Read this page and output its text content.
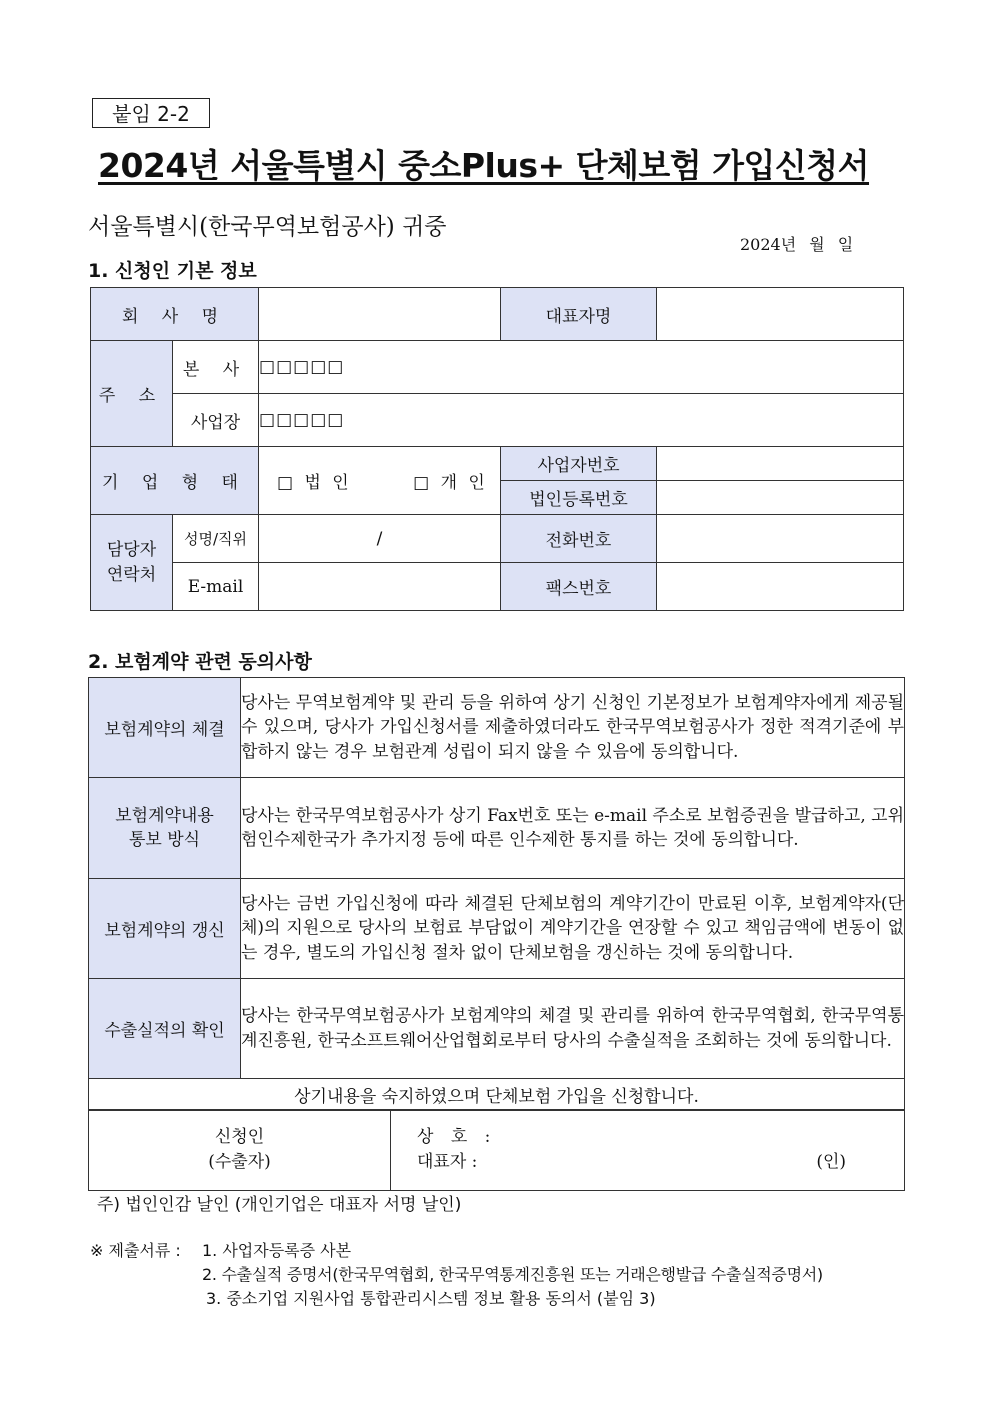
붙임 2-2
2024년 서울특별시 중소Plus+ 단체보험 가입신청서
서울특별시(한국무역보험공사) 귀중
2024년 월 일
1. 신청인 기본 정보
회 사 명			대표자명	
주 소	본 사	□□□□□		
	사업장	□□□□□		
기 업 형 태		□ 법 인 □ 개 인	사업자번호	
			법인등록번호	

담당자
연락처	성명/직위	/	전화번호	
	E-mail		팩스번호	
2. 보험계약 관련 동의사항
보험계약의 체결	당사는 무역보험계약 및 관리 등을 위하여 상기 신청인 기본정보가 보험계약자에게 제공될 수 있으며, 당사가 가입신청서를 제출하였더라도 한국무역보험공사가 정한 적격기준에 부합하지 않는 경우 보험관계 성립이 되지 않을 수 있음에 동의합니다.

보험계약내용
통보 방식	당사는 한국무역보험공사가 상기 Fax번호 또는 e-mail 주소로 보험증권을 발급하고, 고위험인수제한국가 추가지정 등에 따른 인수제한 통지를 하는 것에 동의합니다.
보험계약의 갱신	당사는 금번 가입신청에 따라 체결된 단체보험의 계약기간이 만료된 이후, 보험계약자(단체)의 지원으로 당사의 보험료 부담없이 계약기간을 연장할 수 있고 책임금액에 변동이 없는 경우, 별도의 가입신청 절차 없이 단체보험을 갱신하는 것에 동의합니다.
수출실적의 확인	당사는 한국무역보험공사가 보험계약의 체결 및 관리를 위하여 한국무역협회, 한국무역통계진흥원, 한국소프트웨어산업협회로부터 당사의 수출실적을 조회하는 것에 동의합니다.
상기내용을 숙지하였으며 단체보험 가입을 신청합니다.	
신청인
(수출자)

상 호 :
대표자 :	(인)
주) 법인인감 날인 (개인기업은 대표자 서명 날인)
※ 제출서류 : 1. 사업자등록증 사본
2. 수출실적 증명서(한국무역협회, 한국무역통계진흥원 또는 거래은행발급 수출실적증명서)
3. 중소기업 지원사업 통합관리시스템 정보 활용 동의서 (붙임 3)
